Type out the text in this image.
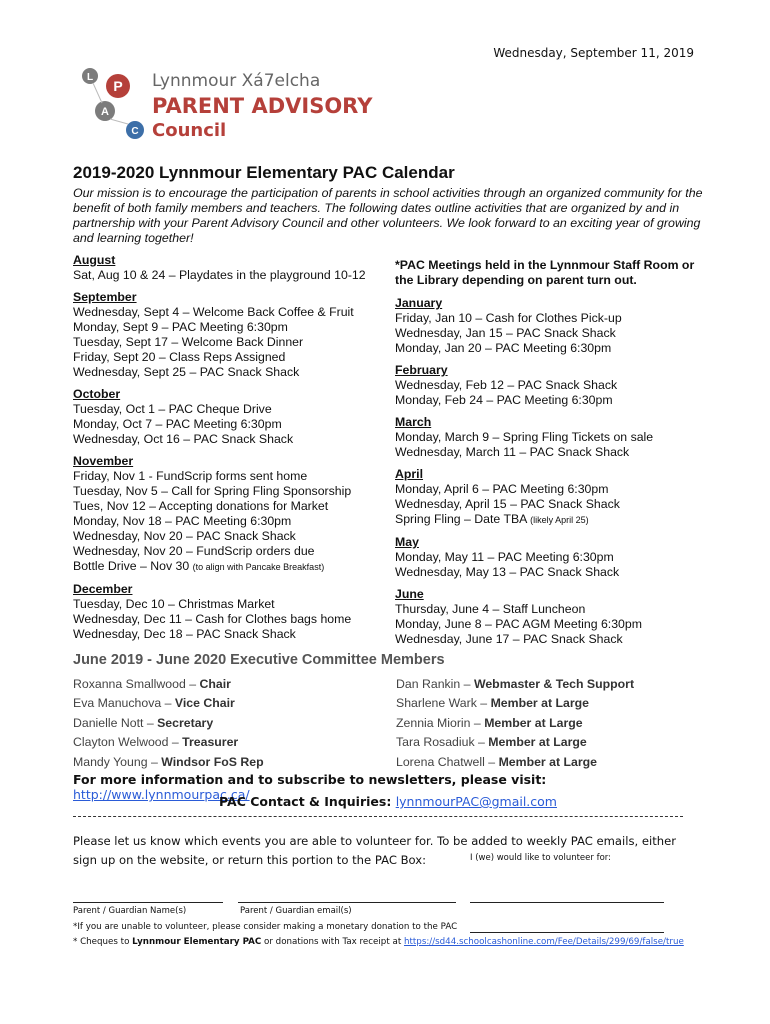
Wednesday, September 11, 2019
L
P
A
C
Lynnmour Xá7elcha
PARENT ADVISORY
Council
2019-2020 Lynnmour Elementary PAC Calendar
Our mission is to encourage the participation of parents in school activities through an organized community for the benefit of both family members and teachers. The following dates outline activities that are organized by and in partnership with your Parent Advisory Council and other volunteers. We look forward to an exciting year of growing and learning together!
August
Sat, Aug 10 & 24 – Playdates in the playground 10-12
September
Wednesday, Sept 4 – Welcome Back Coffee & Fruit
Monday, Sept 9 – PAC Meeting 6:30pm
Tuesday, Sept 17 – Welcome Back Dinner
Friday, Sept 20 – Class Reps Assigned
Wednesday, Sept 25 – PAC Snack Shack
October
Tuesday, Oct 1 – PAC Cheque Drive
Monday, Oct 7 – PAC Meeting 6:30pm
Wednesday, Oct 16 – PAC Snack Shack
November
Friday, Nov 1 - FundScrip forms sent home
Tuesday, Nov 5 – Call for Spring Fling Sponsorship
Tues, Nov 12 – Accepting donations for Market
Monday, Nov 18 – PAC Meeting 6:30pm
Wednesday, Nov 20 – PAC Snack Shack
Wednesday, Nov 20 – FundScrip orders due
Bottle Drive – Nov 30 (to align with Pancake Breakfast)
December
Tuesday, Dec 10 – Christmas Market
Wednesday, Dec 11 – Cash for Clothes bags home
Wednesday, Dec 18 – PAC Snack Shack
*PAC Meetings held in the Lynnmour Staff Room or the Library depending on parent turn out.
January
Friday, Jan 10 – Cash for Clothes Pick-up
Wednesday, Jan 15 – PAC Snack Shack
Monday, Jan 20 – PAC Meeting 6:30pm
February
Wednesday, Feb 12 – PAC Snack Shack
Monday, Feb 24 – PAC Meeting 6:30pm
March
Monday, March 9 – Spring Fling Tickets on sale
Wednesday, March 11 – PAC Snack Shack
April
Monday, April 6 – PAC Meeting 6:30pm
Wednesday, April 15 – PAC Snack Shack
Spring Fling – Date TBA (likely April 25)
May
Monday, May 11 – PAC Meeting 6:30pm
Wednesday, May 13 – PAC Snack Shack
June
Thursday, June 4 – Staff Luncheon
Monday, June 8 – PAC AGM Meeting 6:30pm
Wednesday, June 17 – PAC Snack Shack
June 2019 - June 2020 Executive Committee Members
Roxanna Smallwood – Chair
Eva Manuchova – Vice Chair
Danielle Nott – Secretary
Clayton Welwood – Treasurer
Mandy Young – Windsor FoS Rep
Dan Rankin – Webmaster & Tech Support
Sharlene Wark – Member at Large
Zennia Miorin – Member at Large
Tara Rosadiuk – Member at Large
Lorena Chatwell – Member at Large
For more information and to subscribe to newsletters, please visit: http://www.lynnmourpac.ca/
PAC Contact & Inquiries: lynnmourPAC@gmail.com
Please let us know which events you are able to volunteer for. To be added to weekly PAC emails, either sign up on the website, or return this portion to the PAC Box:	I (we) would like to volunteer for:
Parent / Guardian Name(s)	Parent / Guardian email(s)
*If you are unable to volunteer, please consider making a monetary donation to the PAC
* Cheques to Lynnmour Elementary PAC or donations with Tax receipt at https://sd44.schoolcashonline.com/Fee/Details/299/69/false/true
